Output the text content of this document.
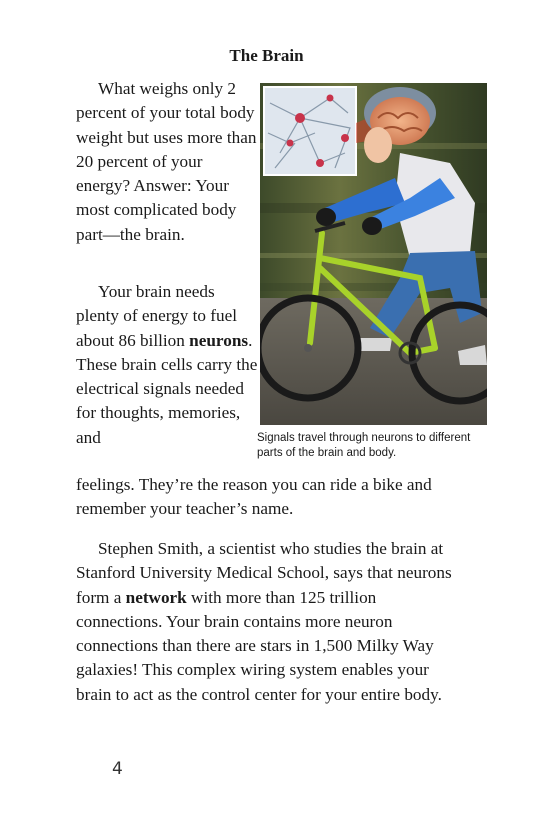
The Brain

What weighs only 2 percent of your total body weight but uses more than 20 percent of your energy? Answer: Your most complicated body part—the brain.

Your brain needs plenty of energy to fuel about 86 billion neurons. These brain cells carry the electrical signals needed for thoughts, memories, and

feelings. They’re the reason you can ride a bike and remember your teacher’s name.

Stephen Smith, a scientist who studies the brain at Stanford University Medical School, says that neurons form a network with more than 125 trillion connections. Your brain contains more neuron connections than there are stars in 1,500 Milky Way galaxies! This complex wiring system enables your brain to act as the control center for your entire body.

Signals travel through neurons to different parts of the brain and body.
4
